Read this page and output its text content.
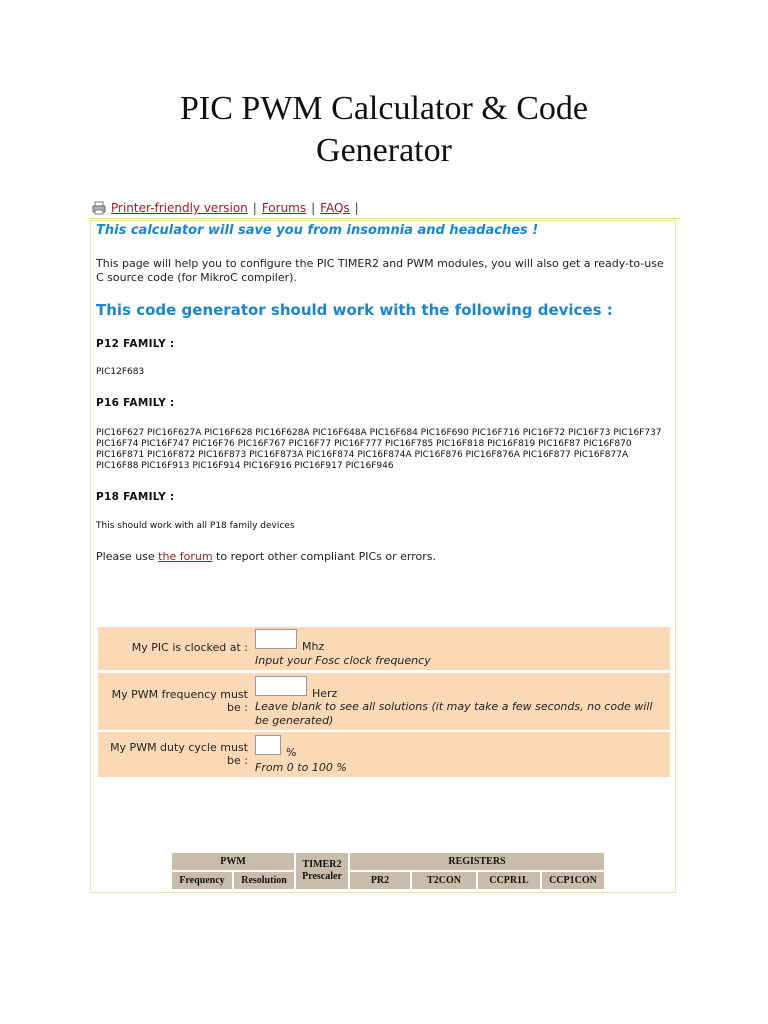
PIC PWM Calculator & Code
Generator
Printer-friendly version | Forums | FAQs |
This calculator will save you from insomnia and headaches !
This page will help you to configure the PIC TIMER2 and PWM modules, you will also get a ready-to-use C source code (for MikroC compiler).
This code generator should work with the following devices :
P12 FAMILY :
PIC12F683
P16 FAMILY :
PIC16F627 PIC16F627A PIC16F628 PIC16F628A PIC16F648A PIC16F684 PIC16F690 PIC16F716 PIC16F72 PIC16F73 PIC16F737 PIC16F74 PIC16F747 PIC16F76 PIC16F767 PIC16F77 PIC16F777 PIC16F785 PIC16F818 PIC16F819 PIC16F87 PIC16F870 PIC16F871 PIC16F872 PIC16F873 PIC16F873A PIC16F874 PIC16F874A PIC16F876 PIC16F876A PIC16F877 PIC16F877A PIC16F88 PIC16F913 PIC16F914 PIC16F916 PIC16F917 PIC16F946
P18 FAMILY :
This should work with all P18 family devices
Please use the forum to report other compliant PICs or errors.
My PIC is clocked at :	Mhz
Input your Fosc clock frequency
My PWM frequency must be :
Herz
Leave blank to see all solutions (it may take a few seconds, no code will be generated)
My PWM duty cycle must be :
%
From 0 to 100 %
PWM		TIMER2 Prescaler	REGISTERS			
Frequency	Resolution		PR2	T2CON	CCPR1L	CCP1CON
